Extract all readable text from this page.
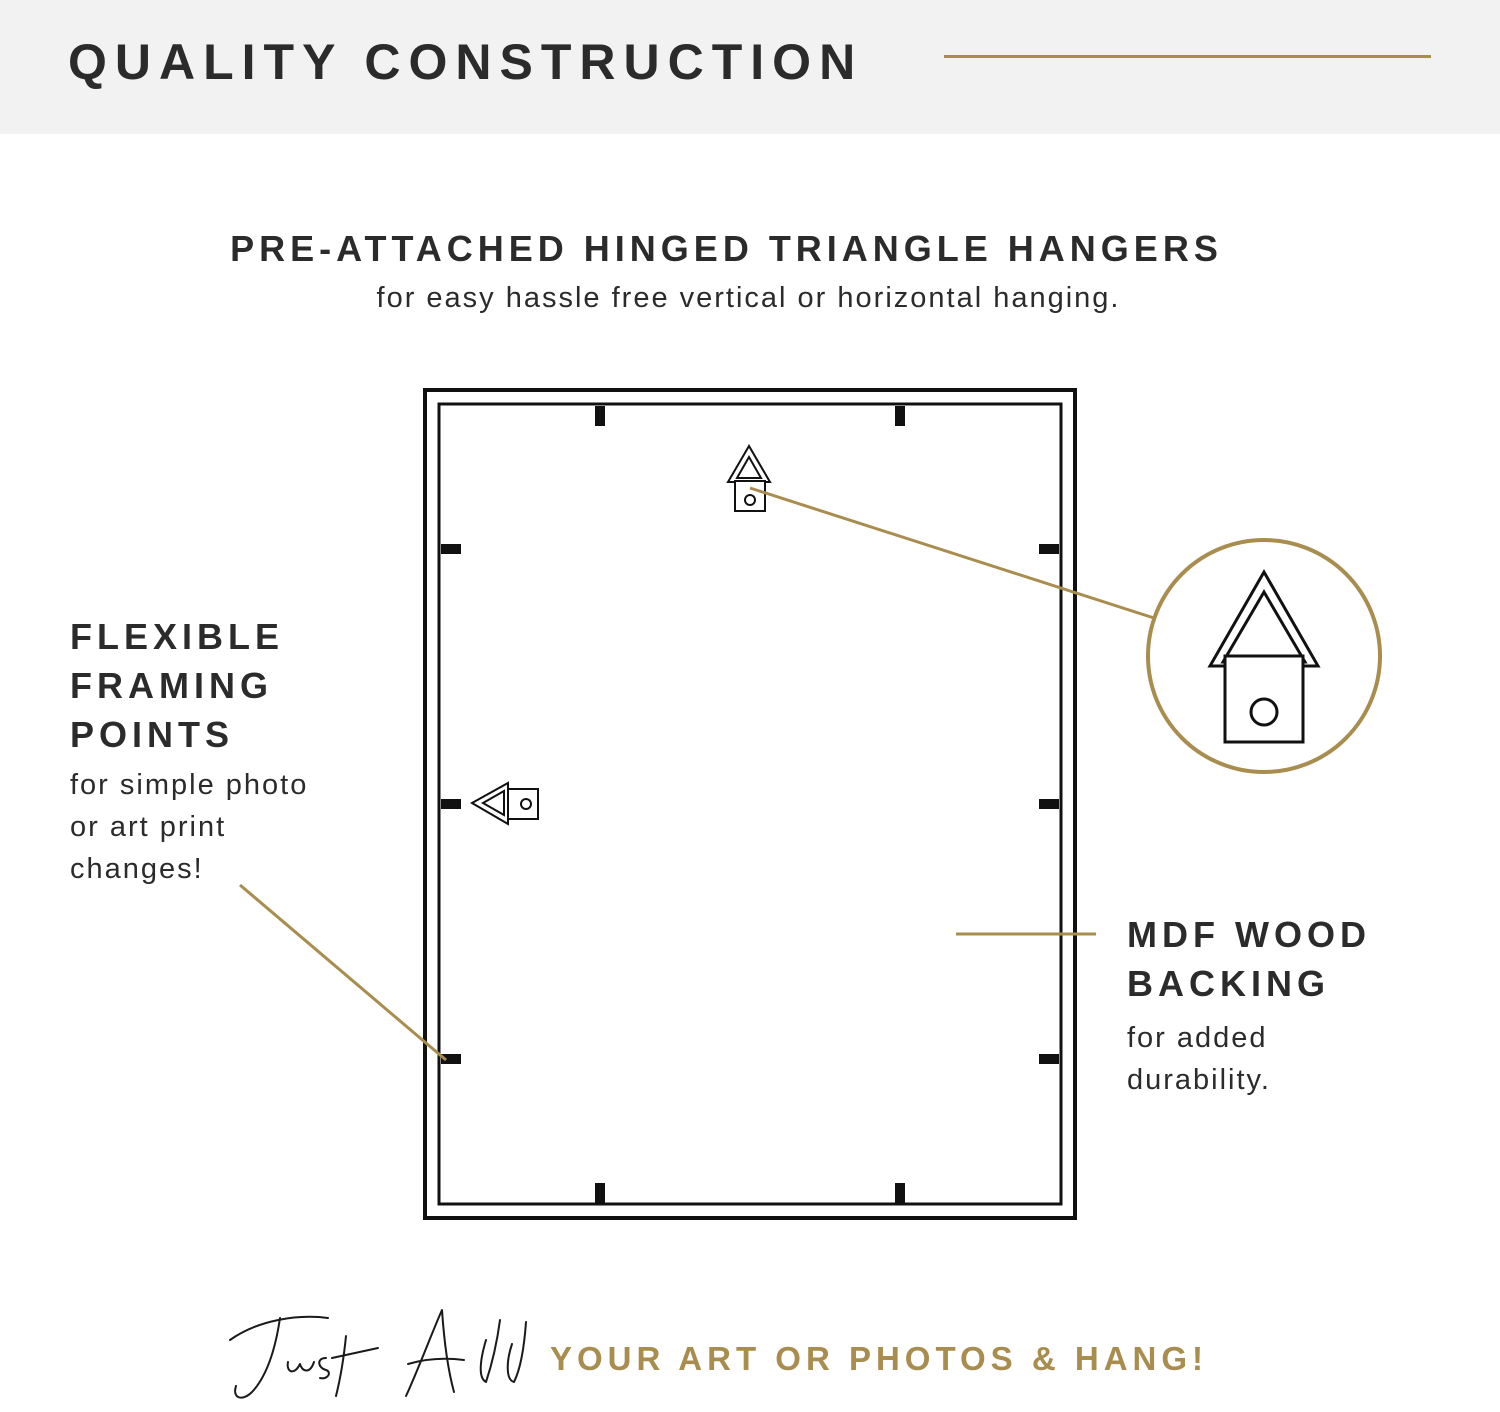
QUALITY CONSTRUCTION
PRE-ATTACHED HINGED TRIANGLE HANGERS
for easy hassle free vertical or horizontal hanging.
FLEXIBLE
FRAMING
POINTS
for simple photo
or art print
changes!
MDF WOOD
BACKING
for added
durability.
YOUR ART OR PHOTOS & HANG!
